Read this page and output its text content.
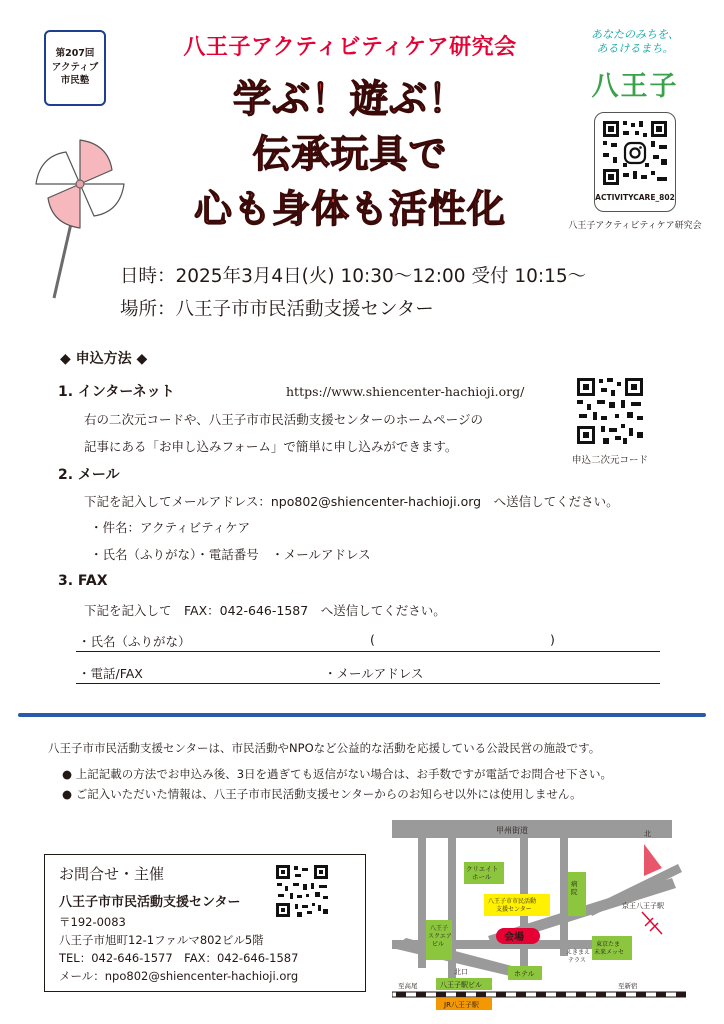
第207回
アクティブ
市民塾
八王子アクティビティケア研究会
学ぶ！遊ぶ！
伝承玩具で
心も身体も活性化
あなたのみちを、
あるけるまち。
八王子
ACTIVITYCARE_802
八王子アクティビティケア研究会
日時：2025年3月4日(火) 10:30〜12:00 受付 10:15〜
場所：八王子市市民活動支援センター
◆ 申込方法 ◆
1. インターネット	https://www.shiencenter-hachioji.org/
右の二次元コードや、八王子市市民活動支援センターのホームページの
記事にある「お申し込みフォーム」で簡単に申し込みができます。
申込二次元コード
2. メール
下記を記入してメールアドレス：npo802@shiencenter-hachioji.org　へ送信してください。
・件名：アクティビティケア
・氏名（ふりがな）・電話番号　・メールアドレス
3. FAX
下記を記入して　FAX：042-646-1587　へ送信してください。
・氏名（ふりがな）	(	)
・電話/FAX	・メールアドレス
八王子市市民活動支援センターは、市民活動やNPOなど公益的な活動を応援している公設民営の施設です。
● 上記記載の方法でお申込み後、3日を過ぎても返信がない場合は、お手数ですが電話でお問合せ下さい。
● ご記入いただいた情報は、八王子市市民活動支援センターからのお知らせ以外には使用しません。
お問合せ・主催
八王子市市民活動支援センター
〒192-0083
八王子市旭町12-1ファルマ802ビル5階
TEL：042-646-1577　FAX：042-646-1587
メール：npo802@shiencenter-hachioji.org
甲州街道	北
クリエイトホール
八王子市市民活動支援センター
病院
京王八王子駅
八王子スクエアビル
会場
えきまえテラス
東京たま未来メッセ
北口	ホテル
八王子駅ビル
JR八王子駅
至高尾	至新宿
